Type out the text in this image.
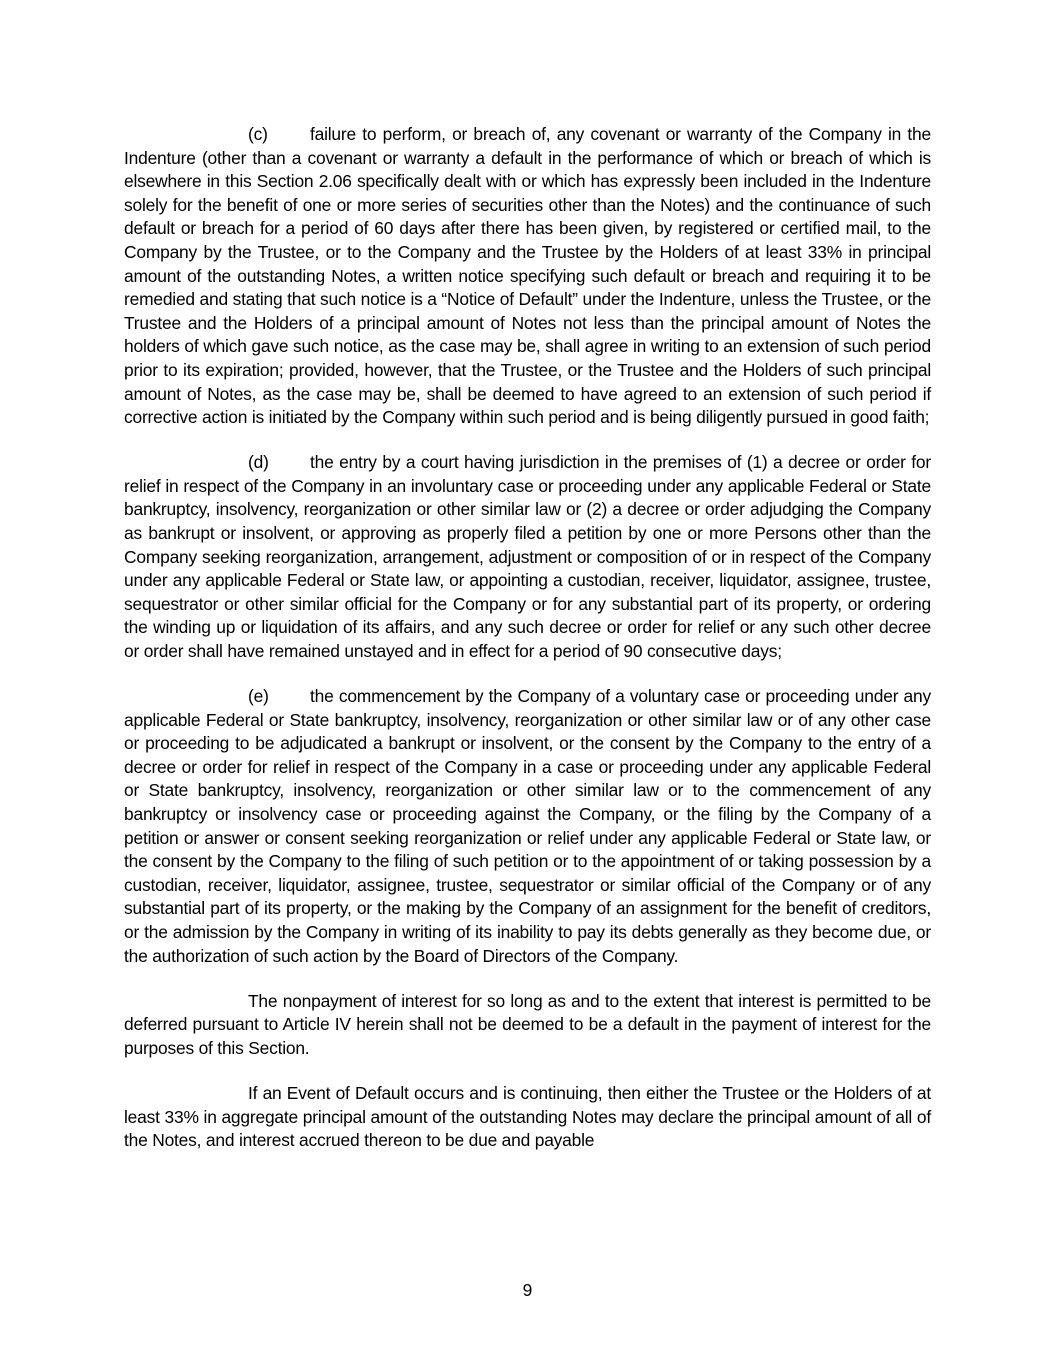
(c) failure to perform, or breach of, any covenant or warranty of the Company in the Indenture (other than a covenant or warranty a default in the performance of which or breach of which is elsewhere in this Section 2.06 specifically dealt with or which has expressly been included in the Indenture solely for the benefit of one or more series of securities other than the Notes) and the continuance of such default or breach for a period of 60 days after there has been given, by registered or certified mail, to the Company by the Trustee, or to the Company and the Trustee by the Holders of at least 33% in principal amount of the outstanding Notes, a written notice specifying such default or breach and requiring it to be remedied and stating that such notice is a “Notice of Default” under the Indenture, unless the Trustee, or the Trustee and the Holders of a principal amount of Notes not less than the principal amount of Notes the holders of which gave such notice, as the case may be, shall agree in writing to an extension of such period prior to its expiration; provided, however, that the Trustee, or the Trustee and the Holders of such principal amount of Notes, as the case may be, shall be deemed to have agreed to an extension of such period if corrective action is initiated by the Company within such period and is being diligently pursued in good faith;

(d) the entry by a court having jurisdiction in the premises of (1) a decree or order for relief in respect of the Company in an involuntary case or proceeding under any applicable Federal or State bankruptcy, insolvency, reorganization or other similar law or (2) a decree or order adjudging the Company as bankrupt or insolvent, or approving as properly filed a petition by one or more Persons other than the Company seeking reorganization, arrangement, adjustment or composition of or in respect of the Company under any applicable Federal or State law, or appointing a custodian, receiver, liquidator, assignee, trustee, sequestrator or other similar official for the Company or for any substantial part of its property, or ordering the winding up or liquidation of its affairs, and any such decree or order for relief or any such other decree or order shall have remained unstayed and in effect for a period of 90 consecutive days;

(e) the commencement by the Company of a voluntary case or proceeding under any applicable Federal or State bankruptcy, insolvency, reorganization or other similar law or of any other case or proceeding to be adjudicated a bankrupt or insolvent, or the consent by the Company to the entry of a decree or order for relief in respect of the Company in a case or proceeding under any applicable Federal or State bankruptcy, insolvency, reorganization or other similar law or to the commencement of any bankruptcy or insolvency case or proceeding against the Company, or the filing by the Company of a petition or answer or consent seeking reorganization or relief under any applicable Federal or State law, or the consent by the Company to the filing of such petition or to the appointment of or taking possession by a custodian, receiver, liquidator, assignee, trustee, sequestrator or similar official of the Company or of any substantial part of its property, or the making by the Company of an assignment for the benefit of creditors, or the admission by the Company in writing of its inability to pay its debts generally as they become due, or the authorization of such action by the Board of Directors of the Company.

The nonpayment of interest for so long as and to the extent that interest is permitted to be deferred pursuant to Article IV herein shall not be deemed to be a default in the payment of interest for the purposes of this Section.

If an Event of Default occurs and is continuing, then either the Trustee or the Holders of at least 33% in aggregate principal amount of the outstanding Notes may declare the principal amount of all of the Notes, and interest accrued thereon to be due and payable

9
